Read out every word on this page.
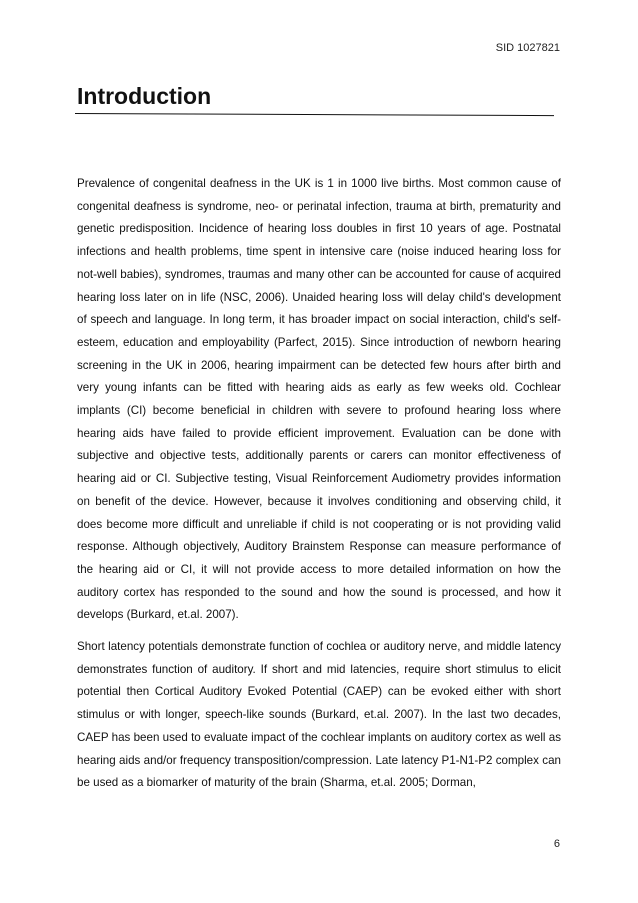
SID 1027821
Introduction

Prevalence of congenital deafness in the UK is 1 in 1000 live births. Most common cause of congenital deafness is syndrome, neo- or perinatal infection, trauma at birth, prematurity and genetic predisposition. Incidence of hearing loss doubles in first 10 years of age. Postnatal infections and health problems, time spent in intensive care (noise induced hearing loss for not-well babies), syndromes, traumas and many other can be accounted for cause of acquired hearing loss later on in life (NSC, 2006). Unaided hearing loss will delay child's development of speech and language. In long term, it has broader impact on social interaction, child's self-esteem, education and employability (Parfect, 2015). Since introduction of newborn hearing screening in the UK in 2006, hearing impairment can be detected few hours after birth and very young infants can be fitted with hearing aids as early as few weeks old. Cochlear implants (CI) become beneficial in children with severe to profound hearing loss where hearing aids have failed to provide efficient improvement. Evaluation can be done with subjective and objective tests, additionally parents or carers can monitor effectiveness of hearing aid or CI. Subjective testing, Visual Reinforcement Audiometry provides information on benefit of the device. However, because it involves conditioning and observing child, it does become more difficult and unreliable if child is not cooperating or is not providing valid response. Although objectively, Auditory Brainstem Response can measure performance of the hearing aid or CI, it will not provide access to more detailed information on how the auditory cortex has responded to the sound and how the sound is processed, and how it develops (Burkard, et.al. 2007).

Short latency potentials demonstrate function of cochlea or auditory nerve, and middle latency demonstrates function of auditory. If short and mid latencies, require short stimulus to elicit potential then Cortical Auditory Evoked Potential (CAEP) can be evoked either with short stimulus or with longer, speech-like sounds (Burkard, et.al. 2007). In the last two decades, CAEP has been used to evaluate impact of the cochlear implants on auditory cortex as well as hearing aids and/or frequency transposition/compression. Late latency P1-N1-P2 complex can be used as a biomarker of maturity of the brain (Sharma, et.al. 2005; Dorman,

6
